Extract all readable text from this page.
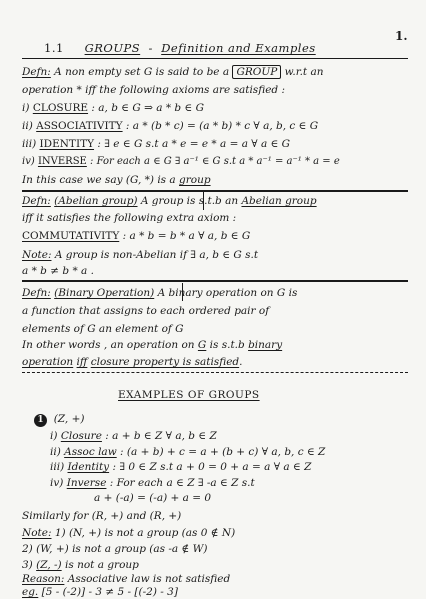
1.
1.1 GROUPS - Definition and Examples
Defn: A non empty set G is said to be a GROUP w.r.t an
operation * iff the following axioms are satisfied :
i) CLOSURE : a, b ∈ G ⇒ a * b ∈ G
ii) ASSOCIATIVITY : a * (b * c) = (a * b) * c ∀ a, b, c ∈ G
iii) IDENTITY : ∃ e ∈ G s.t a * e = e * a = a ∀ a ∈ G
iv) INVERSE : For each a ∈ G ∃ a⁻¹ ∈ G s.t a * a⁻¹ = a⁻¹ * a = e
In this case we say (G, *) is a group
Defn: (Abelian group) A group is s.t.b an Abelian group
iff it satisfies the following extra axiom :
COMMUTATIVITY : a * b = b * a ∀ a, b ∈ G
Note: A group is non-Abelian if ∃ a, b ∈ G s.t
a * b ≠ b * a .
Defn: (Binary Operation) A binary operation on G is
a function that assigns to each ordered pair of
elements of G an element of G
In other words , an operation on G is s.t.b binary
operation iff closure property is satisfied.
EXAMPLES OF GROUPS
1 (Z, +)
i) Closure : a + b ∈ Z ∀ a, b ∈ Z
ii) Assoc law : (a + b) + c = a + (b + c) ∀ a, b, c ∈ Z
iii) Identity : ∃ 0 ∈ Z s.t a + 0 = 0 + a = a ∀ a ∈ Z
iv) Inverse : For each a ∈ Z ∃ -a ∈ Z s.t
a + (-a) = (-a) + a = 0
Similarly for (R, +) and (R, +)
Note: 1) (N, +) is not a group (as 0 ∉ N)
2) (W, +) is not a group (as -a ∉ W)
3) (Z, -) is not a group
Reason: Associative law is not satisfied
eg. [5 - (-2)] - 3 ≠ 5 - [(-2) - 3]
